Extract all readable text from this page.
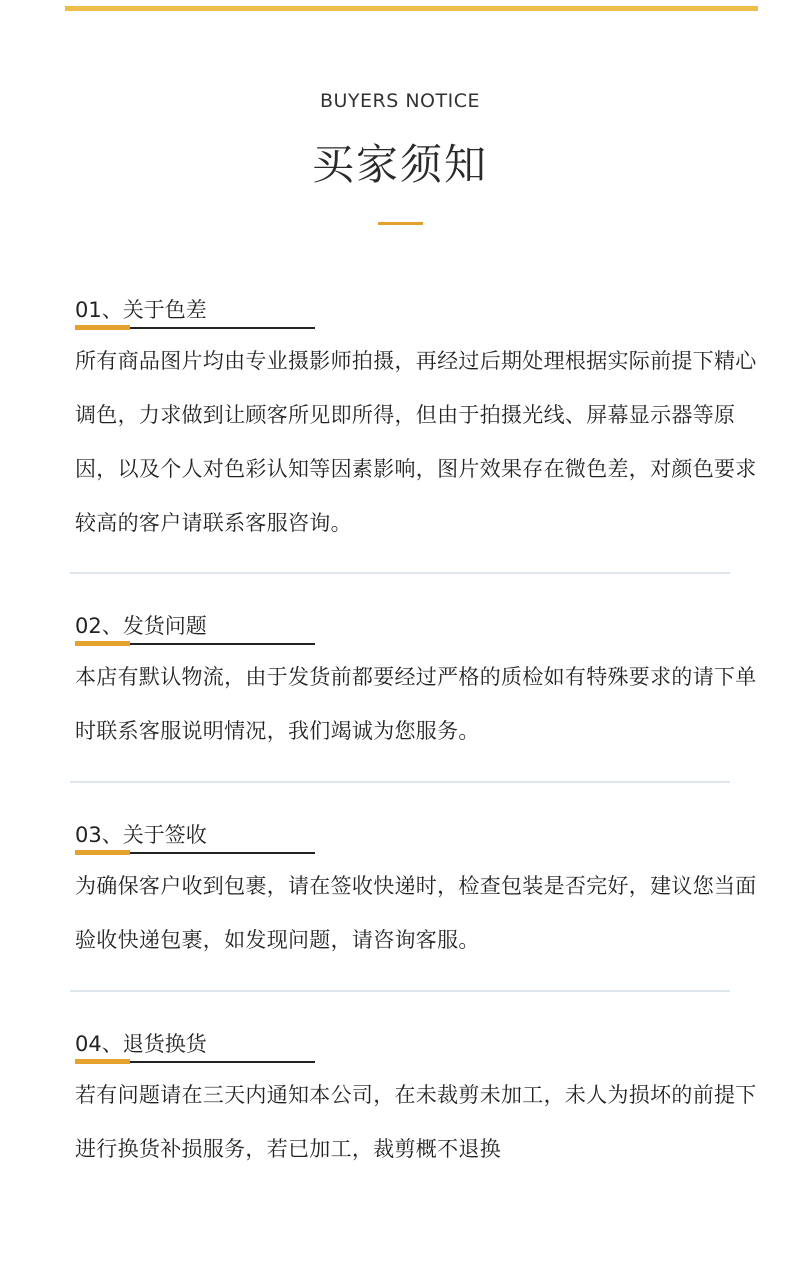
BUYERS NOTICE
买家须知
01、关于色差
所有商品图片均由专业摄影师拍摄，再经过后期处理根据实际前提下精心调色，力求做到让顾客所见即所得，但由于拍摄光线、屏幕显示器等原因，以及个人对色彩认知等因素影响，图片效果存在微色差，对颜色要求较高的客户请联系客服咨询。
02、发货问题
本店有默认物流，由于发货前都要经过严格的质检如有特殊要求的请下单时联系客服说明情况，我们竭诚为您服务。
03、关于签收
为确保客户收到包裹，请在签收快递时，检查包装是否完好，建议您当面验收快递包裹，如发现问题，请咨询客服。
04、退货换货
若有问题请在三天内通知本公司，在未裁剪未加工，未人为损坏的前提下进行换货补损服务，若已加工，裁剪概不退换
